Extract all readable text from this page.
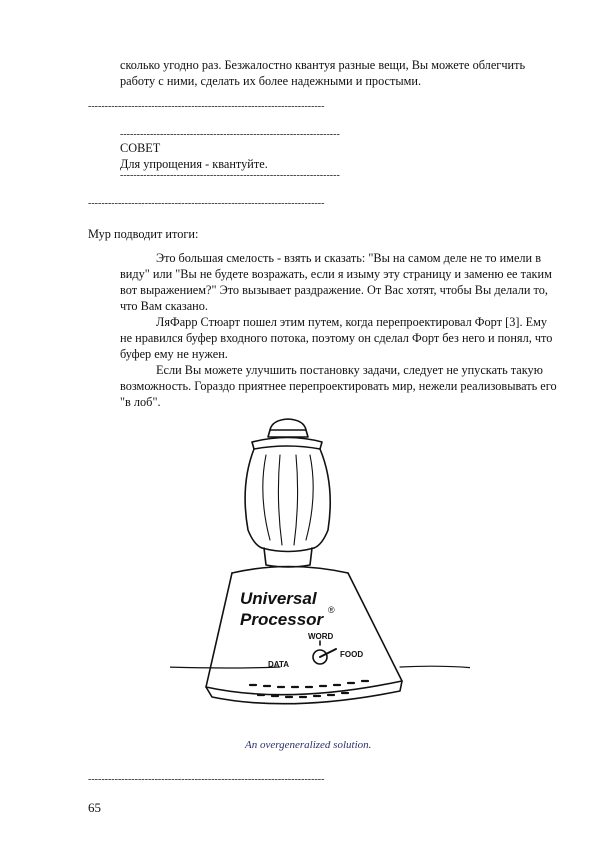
сколько угодно раз. Безжалостно квантуя разные вещи, Вы можете облегчить
работу с ними, сделать их более надежными и простыми.
-----------------------------------------------------------------------
------------------------------------------------------------------
СОВЕТ
Для упрощения - квантуйте.
------------------------------------------------------------------
-----------------------------------------------------------------------
Мур подводит итоги:
Это большая смелость - взять и сказать: "Вы на самом деле не то имели в
виду" или "Вы не будете возражать, если я изыму эту страницу и заменю ее таким
вот выражением?" Это вызывает раздражение. От Вас хотят, чтобы Вы делали то,
что Вам сказано.
ЛяФарр Стюарт пошел этим путем, когда перепроектировал Форт [3]. Ему
не нравился буфер входного потока, поэтому он сделал Форт без него и понял, что
буфер ему не нужен.
Если Вы можете улучшить постановку задачи, следует не упускать такую
возможность. Гораздо приятнее перепроектировать мир, нежели реализовывать его
"в лоб".
Universal
Processor ®
WORD
DATA
FOOD
An overgeneralized solution.
-----------------------------------------------------------------------
65
